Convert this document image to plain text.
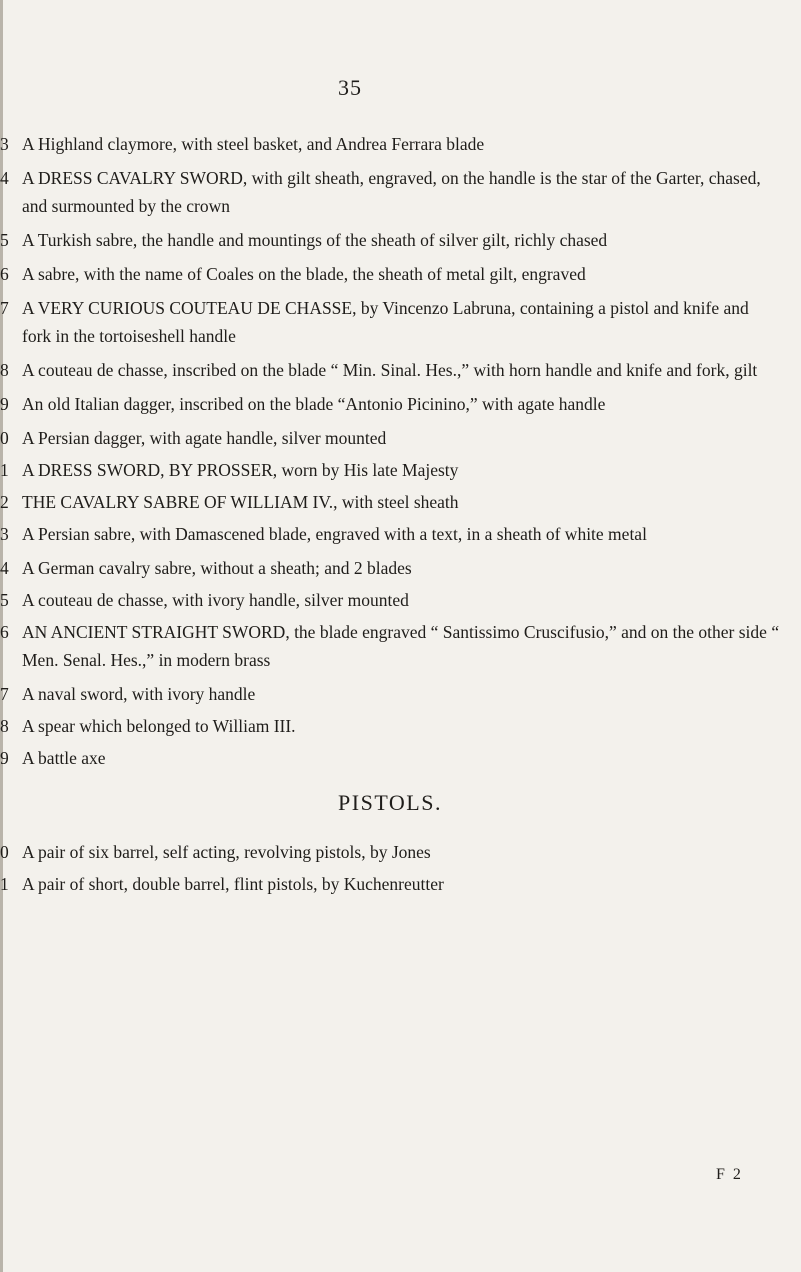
35
3 A Highland claymore, with steel basket, and Andrea Ferrara blade
4 A DRESS CAVALRY SWORD, with gilt sheath, engraved, on the handle is the star of the Garter, chased, and surmounted by the crown
5 A Turkish sabre, the handle and mountings of the sheath of silver gilt, richly chased
6 A sabre, with the name of Coales on the blade, the sheath of metal gilt, engraved
7 A VERY CURIOUS COUTEAU DE CHASSE, by Vincenzo Labruna, containing a pistol and knife and fork in the tortoiseshell handle
8 A couteau de chasse, inscribed on the blade “ Min. Sinal. Hes.,” with horn handle and knife and fork, gilt
9 An old Italian dagger, inscribed on the blade “Antonio Picinino,” with agate handle
0 A Persian dagger, with agate handle, silver mounted
1 A DRESS SWORD, BY PROSSER, worn by His late Majesty
2 THE CAVALRY SABRE OF WILLIAM IV., with steel sheath
3 A Persian sabre, with Damascened blade, engraved with a text, in a sheath of white metal
4 A German cavalry sabre, without a sheath; and 2 blades
5 A couteau de chasse, with ivory handle, silver mounted
6 AN ANCIENT STRAIGHT SWORD, the blade engraved “ Santissimo Cruscifusio,” and on the other side “ Men. Senal. Hes.,” in modern brass
7 A naval sword, with ivory handle
8 A spear which belonged to William III.
9 A battle axe
PISTOLS.
0 A pair of six barrel, self acting, revolving pistols, by Jones
1 A pair of short, double barrel, flint pistols, by Kuchenreutter
F 2
